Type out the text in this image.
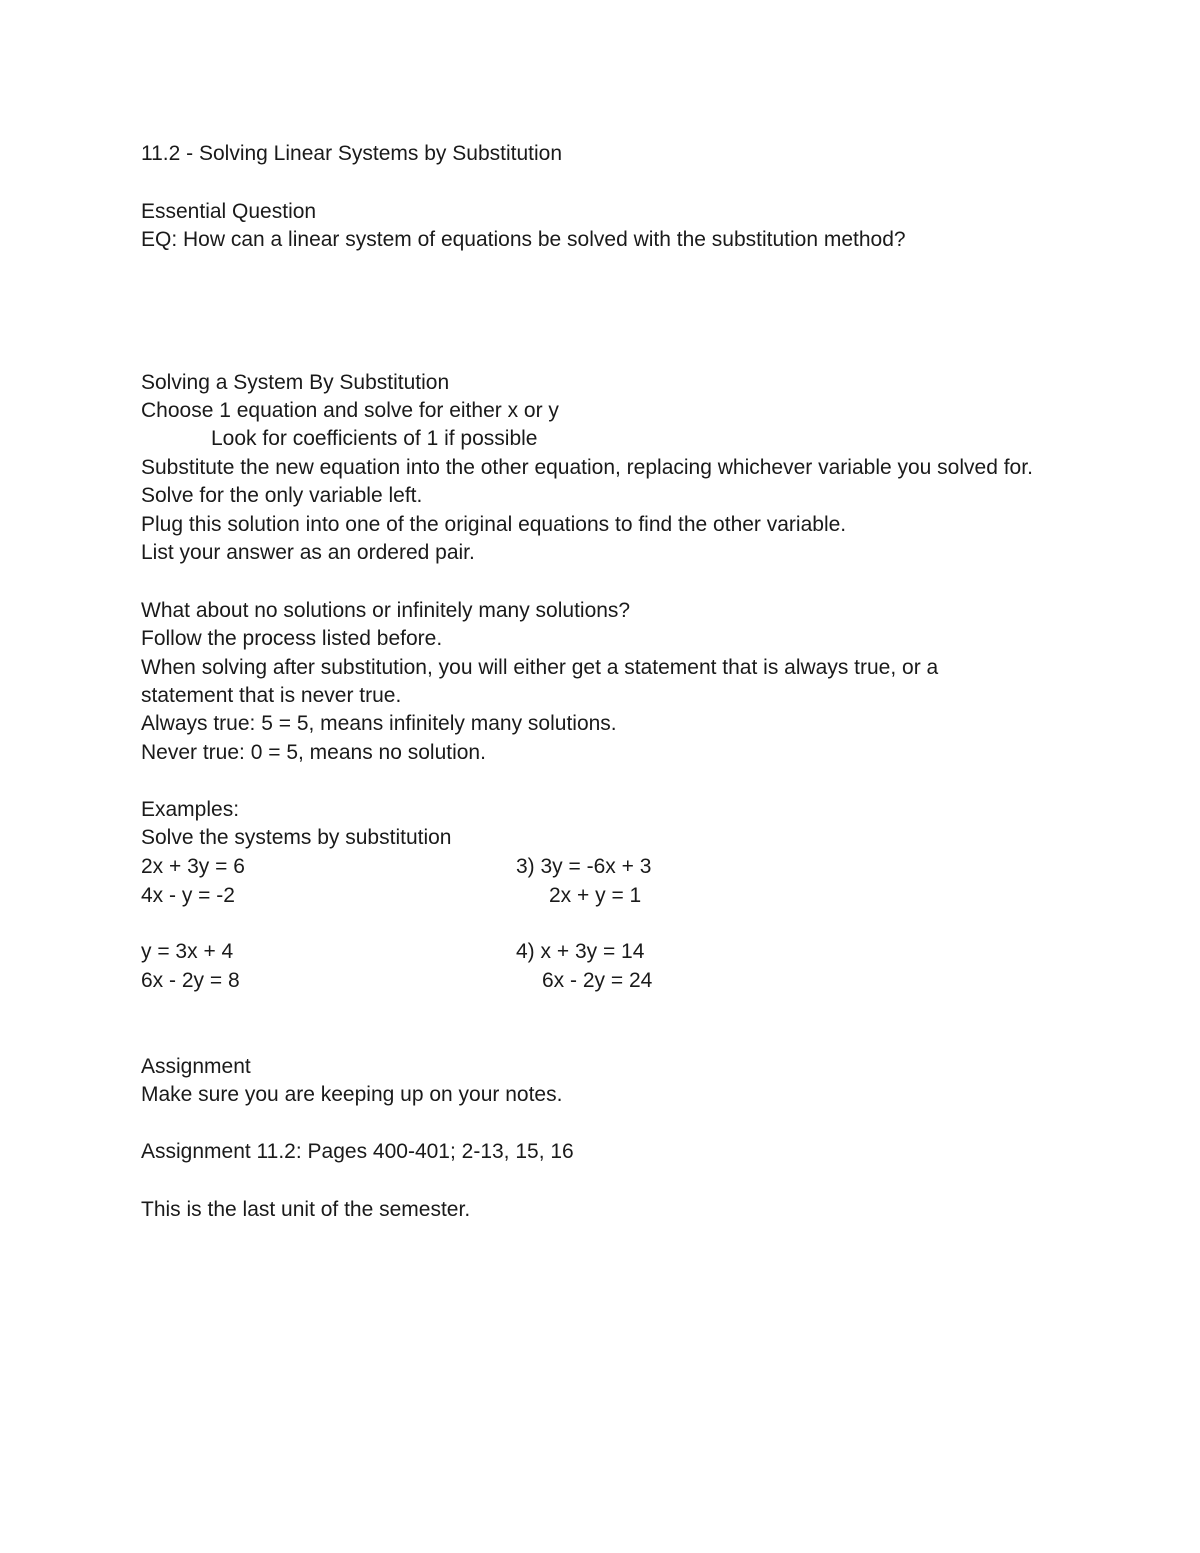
11.2 - Solving Linear Systems by Substitution
Essential Question
EQ: How can a linear system of equations be solved with the substitution method?
Solving a System By Substitution
Choose 1 equation and solve for either x or y
Look for coefficients of 1 if possible
Substitute the new equation into the other equation, replacing whichever variable you solved for.
Solve for the only variable left.
Plug this solution into one of the original equations to find the other variable.
List your answer as an ordered pair.
What about no solutions or infinitely many solutions?
Follow the process listed before.
When solving after substitution, you will either get a statement that is always true, or a
statement that is never true.
Always true: 5 = 5, means infinitely many solutions.
Never true: 0 = 5, means no solution.
Examples:
Solve the systems by substitution
2x + 3y = 6	3) 3y = -6x + 3
4x - y = -2	2x + y = 1
y = 3x + 4	4) x + 3y = 14
6x - 2y = 8	6x - 2y = 24
Assignment
Make sure you are keeping up on your notes.
Assignment 11.2: Pages 400-401; 2-13, 15, 16
This is the last unit of the semester.
